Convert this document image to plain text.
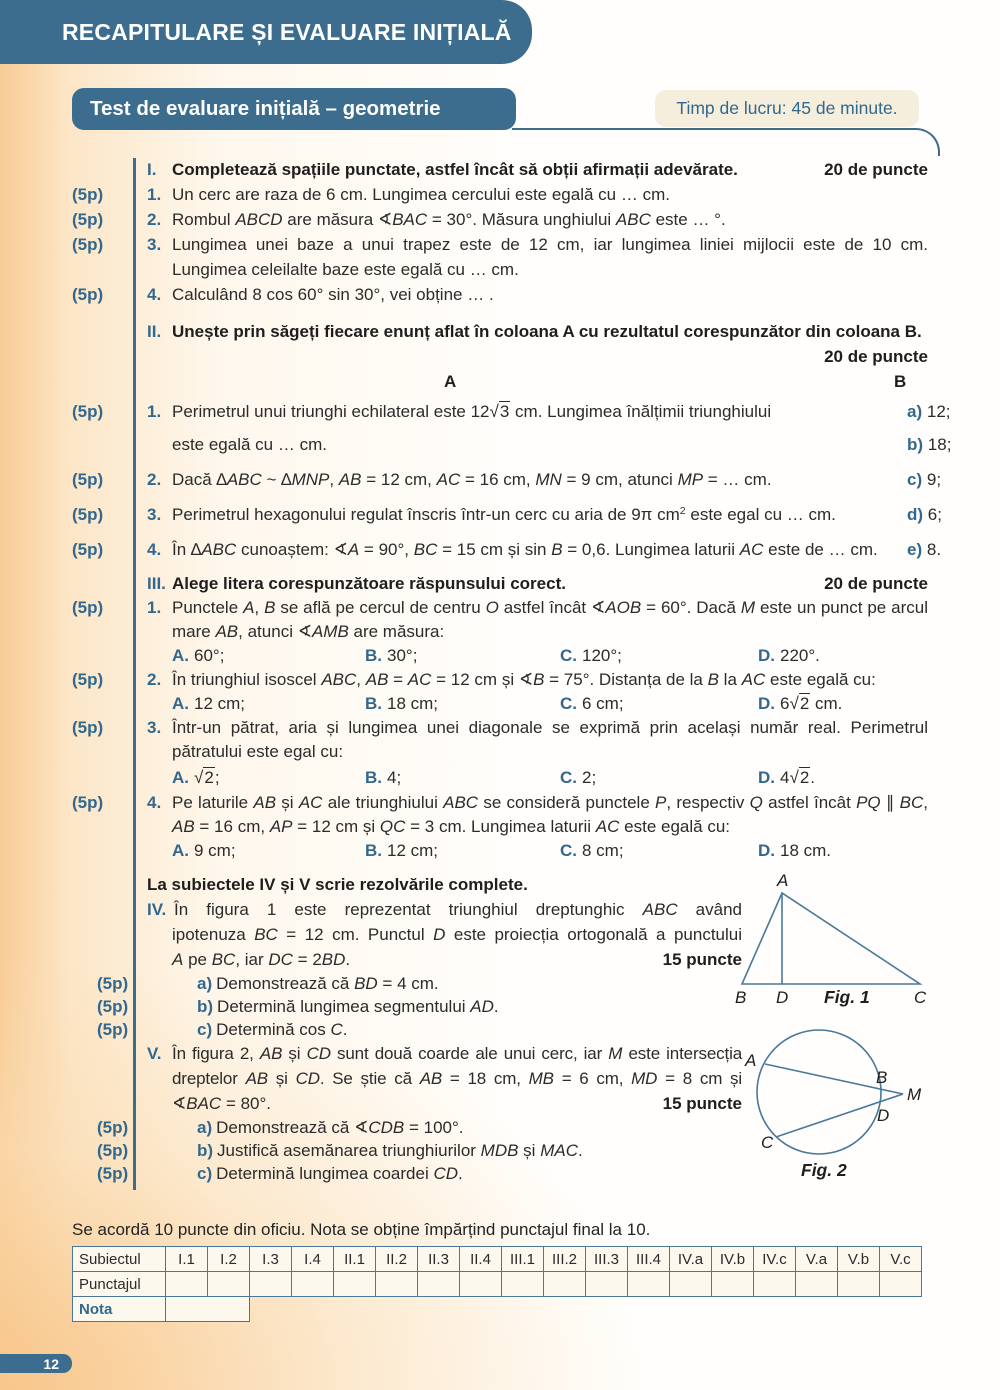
RECAPITULARE ȘI EVALUARE INIȚIALĂ
Test de evaluare inițială – geometrie	Timp de lucru: 45 de minute.
I. Completează spațiile punctate, astfel încât să obții afirmații adevărate.	20 de puncte
(5p)	1. Un cerc are raza de 6 cm. Lungimea cercului este egală cu … cm.
(5p)	2. Rombul ABCD are măsura ∢BAC = 30°. Măsura unghiului ABC este … °.
(5p)	3. Lungimea unei baze a unui trapez este de 12 cm, iar lungimea liniei mijlocii este de 10 cm.
Lungimea celeilalte baze este egală cu … cm.
(5p)	4. Calculând 8 cos 60° sin 30°, vei obține … .
II. Unește prin săgeți fiecare enunț aflat în coloana A cu rezultatul corespunzător din coloana B.
20 de puncte
A	B
(5p)	1. Perimetrul unui triunghi echilateral este 12√3 cm. Lungimea înălțimii triunghiului	a) 12;
este egală cu … cm.	b) 18;
(5p)	2. Dacă ∆ABC ~ ∆MNP, AB = 12 cm, AC = 16 cm, MN = 9 cm, atunci MP = … cm.	c) 9;
(5p)	3. Perimetrul hexagonului regulat înscris într-un cerc cu aria de 9π $cm^2$ este egal cu … cm.	d) 6;
(5p)	4. În ∆ABC cunoaștem: ∢A = 90°, BC = 15 cm și sin B = 0,6. Lungimea laturii AC este de … cm. e) 8.
III. Alege litera corespunzătoare răspunsului corect.	20 de puncte
(5p)	1. Punctele A, B se află pe cercul de centru O astfel încât ∢AOB = 60°. Dacă M este un punct pe arcul
mare AB, atunci ∢AMB are măsura:
A. 60°;	B. 30°;	C. 120°;	D. 220°.
(5p)	2. În triunghiul isoscel ABC, AB = AC = 12 cm și ∢B = 75°. Distanța de la B la AC este egală cu:
A. 12 cm;	B. 18 cm;	C. 6 cm;	D. 6√2 cm.
(5p)	3. Într-un pătrat, aria și lungimea unei diagonale se exprimă prin același număr real. Perimetrul
pătratului este egal cu:
A. √2;	B. 4;	C. 2;	D. 4√2.
(5p)	4. Pe laturile AB și AC ale triunghiului ABC se consideră punctele P, respectiv Q astfel încât PQ ∥ BC,
AB = 16 cm, AP = 12 cm și QC = 3 cm. Lungimea laturii AC este egală cu:
A. 9 cm;	B. 12 cm;	C. 8 cm;	D. 18 cm.
La subiectele IV și V scrie rezolvările complete.
IV. În figura 1 este reprezentat triunghiul dreptunghic ABC având
ipotenuza BC = 12 cm. Punctul D este proiecția ortogonală a punctului
A pe BC, iar DC = 2BD.	15 puncte
(5p)	a) Demonstrează că BD = 4 cm.
(5p)	b) Determină lungimea segmentului AD.
(5p)	c) Determină cos C.
V. În figura 2, AB și CD sunt două coarde ale unui cerc, iar M este intersecția
dreptelor AB și CD. Se știe că AB = 18 cm, MB = 6 cm, MD = 8 cm și
∢BAC = 80°.	15 puncte
(5p)	a) Demonstrează că ∢CDB = 100°.
(5p)	b) Justifică asemănarea triunghiurilor MDB și MAC.
(5p)	c) Determină lungimea coardei CD.
A
B D	C
Fig. 1
A
B
M
D
C
Fig. 2
Se acordă 10 puncte din oficiu. Nota se obține împărțind punctajul final la 10.
Subiectul	I.1	I.2	I.3	I.4	II.1	II.2	II.3	II.4	III.1	III.2	III.3	III.4	IV.a	IV.b	IV.c	V.a	V.b	V.c
Punctajul																		
Nota																		
12
